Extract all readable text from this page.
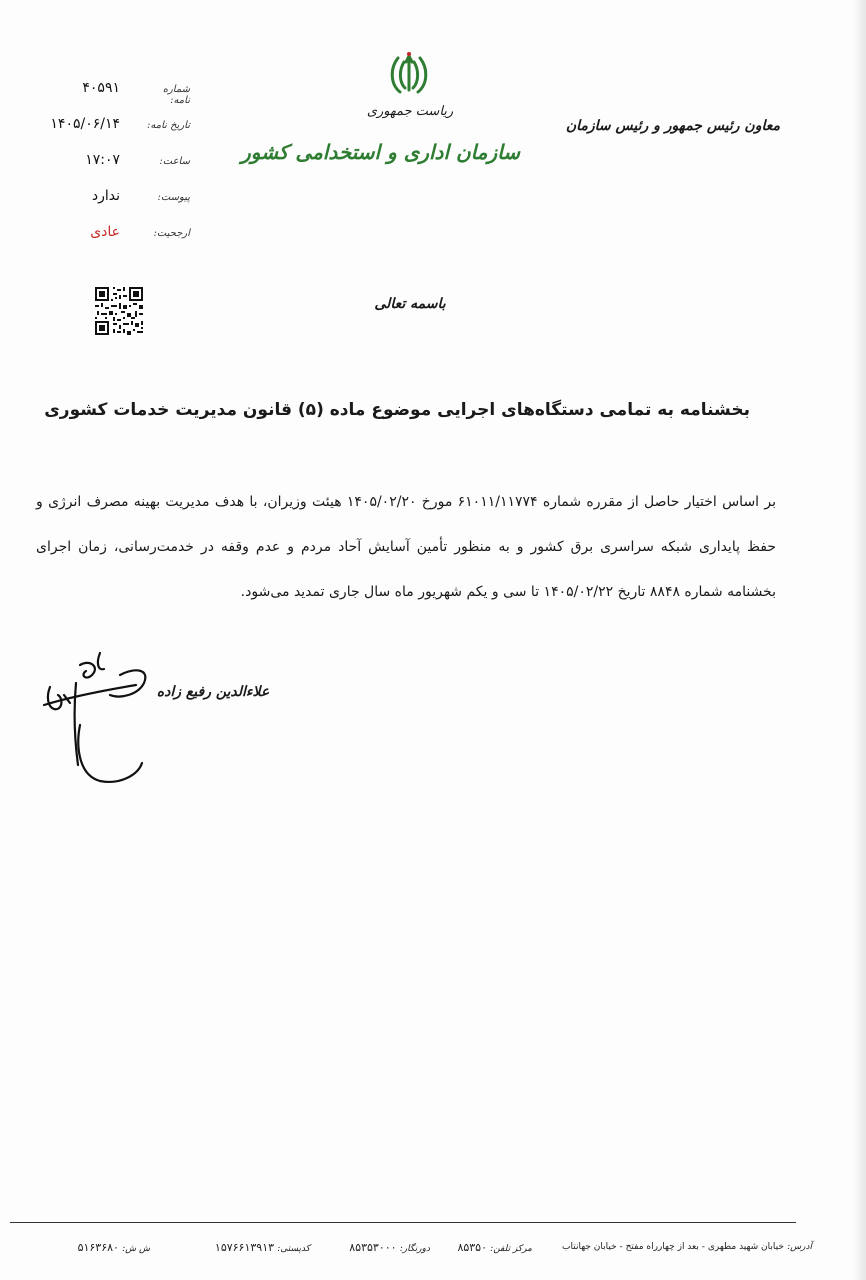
شماره نامه:
۴۰۵۹۱
تاریخ نامه:
۱۴۰۵/۰۶/۱۴
ساعت:
۱۷:۰۷
پیوست:
ندارد
ارجحیت:
عادی
ریاست جمهوری
سازمان اداری و استخدامی کشور
معاون رئیس جمهور و رئیس سازمان
باسمه تعالی
بخشنامه به تمامی دستگاه‌های اجرایی موضوع ماده (۵) قانون مدیریت خدمات کشوری
بر اساس اختیار حاصل از مقرره شماره ۶۱۰۱۱/۱۱۷۷۴ مورخ ۱۴۰۵/۰۲/۲۰ هیئت وزیران، با هدف مدیریت بهینه مصرف انرژی و حفظ پایداری شبکه سراسری برق کشور و به منظور تأمین آسایش آحاد مردم و عدم وقفه در خدمت‌رسانی، زمان اجرای بخشنامه شماره ۸۸۴۸ تاریخ ۱۴۰۵/۰۲/۲۲ تا سی و یکم شهریور ماه سال جاری تمدید می‌شود.
علاءالدین رفیع زاده
آدرس: خیابان شهید مطهری - بعد از چهارراه مفتح - خیابان جهانتاب
مرکز تلفن: ۸۵۳۵۰
دورنگار: ۸۵۳۵۳۰۰۰
کدپستی: ۱۵۷۶۶۱۳۹۱۳
ش ش: ۵۱۶۳۶۸۰
